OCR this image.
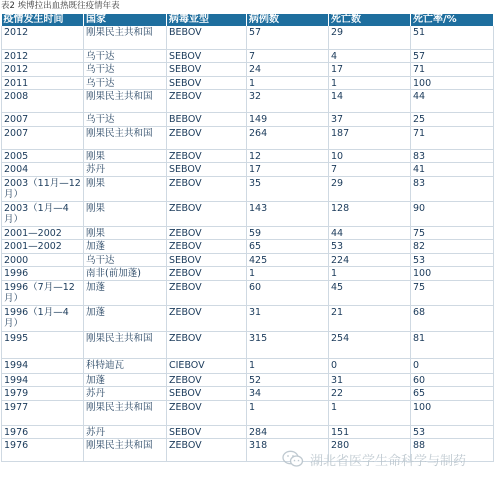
表2 埃博拉出血热既往疫情年表
疫情发生时间	国家	病毒亚型	病例数	死亡数	死亡率/%
2012	刚果民主共和国	BEBOV	57	29	51
2012	乌干达	SEBOV	7	4	57
2012	乌干达	SEBOV	24	17	71
2011	乌干达	SEBOV	1	1	100
2008	刚果民主共和国	ZEBOV	32	14	44
2007	乌干达	BEBOV	149	37	25
2007	刚果民主共和国	ZEBOV	264	187	71
2005	刚果	ZEBOV	12	10	83
2004	苏丹	SEBOV	17	7	41
2003（11月—12月）	刚果	ZEBOV	35	29	83
2003（1月—4月）	刚果	ZEBOV	143	128	90
2001—2002	刚果	ZEBOV	59	44	75
2001—2002	加蓬	ZEBOV	65	53	82
2000	乌干达	SEBOV	425	224	53
1996	南非(前加蓬)	ZEBOV	1	1	100
1996（7月—12月）	加蓬	ZEBOV	60	45	75
1996（1月—4月）	加蓬	ZEBOV	31	21	68
1995	刚果民主共和国	ZEBOV	315	254	81
1994	科特迪瓦	CIEBOV	1	0	0
1994	加蓬	ZEBOV	52	31	60
1979	苏丹	SEBOV	34	22	65
1977	刚果民主共和国	ZEBOV	1	1	100
1976	苏丹	SEBOV	284	151	53
1976	刚果民主共和国	ZEBOV	318	280	88
湖北省医学生命科学与制药
